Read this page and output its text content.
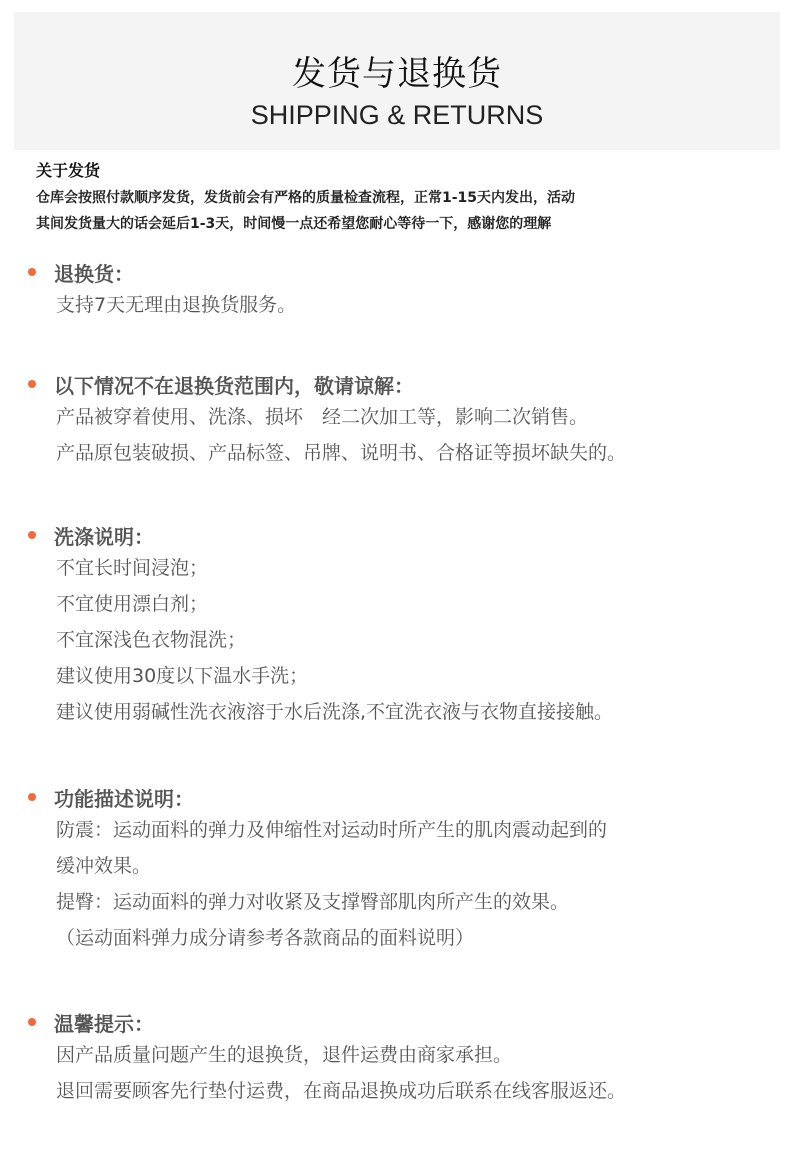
发货与退换货
SHIPPING & RETURNS
关于发货
仓库会按照付款顺序发货，发货前会有严格的质量检查流程，正常1-15天内发出，活动
其间发货量大的话会延后1-3天，时间慢一点还希望您耐心等待一下，感谢您的理解
退换货：
支持7天无理由退换货服务。
以下情况不在退换货范围内，敬请谅解：
产品被穿着使用、洗涤、损坏　经二次加工等，影响二次销售。
产品原包装破损、产品标签、吊牌、说明书、合格证等损坏缺失的。
洗涤说明：
不宜长时间浸泡；
不宜使用漂白剂；
不宜深浅色衣物混洗；
建议使用30度以下温水手洗；
建议使用弱碱性洗衣液溶于水后洗涤,不宜洗衣液与衣物直接接触。
功能描述说明：
防震：运动面料的弹力及伸缩性对运动时所产生的肌肉震动起到的
缓冲效果。
提臀：运动面料的弹力对收紧及支撑臀部肌肉所产生的效果。
（运动面料弹力成分请参考各款商品的面料说明）
温馨提示：
因产品质量问题产生的退换货，退件运费由商家承担。
退回需要顾客先行垫付运费，在商品退换成功后联系在线客服返还。
